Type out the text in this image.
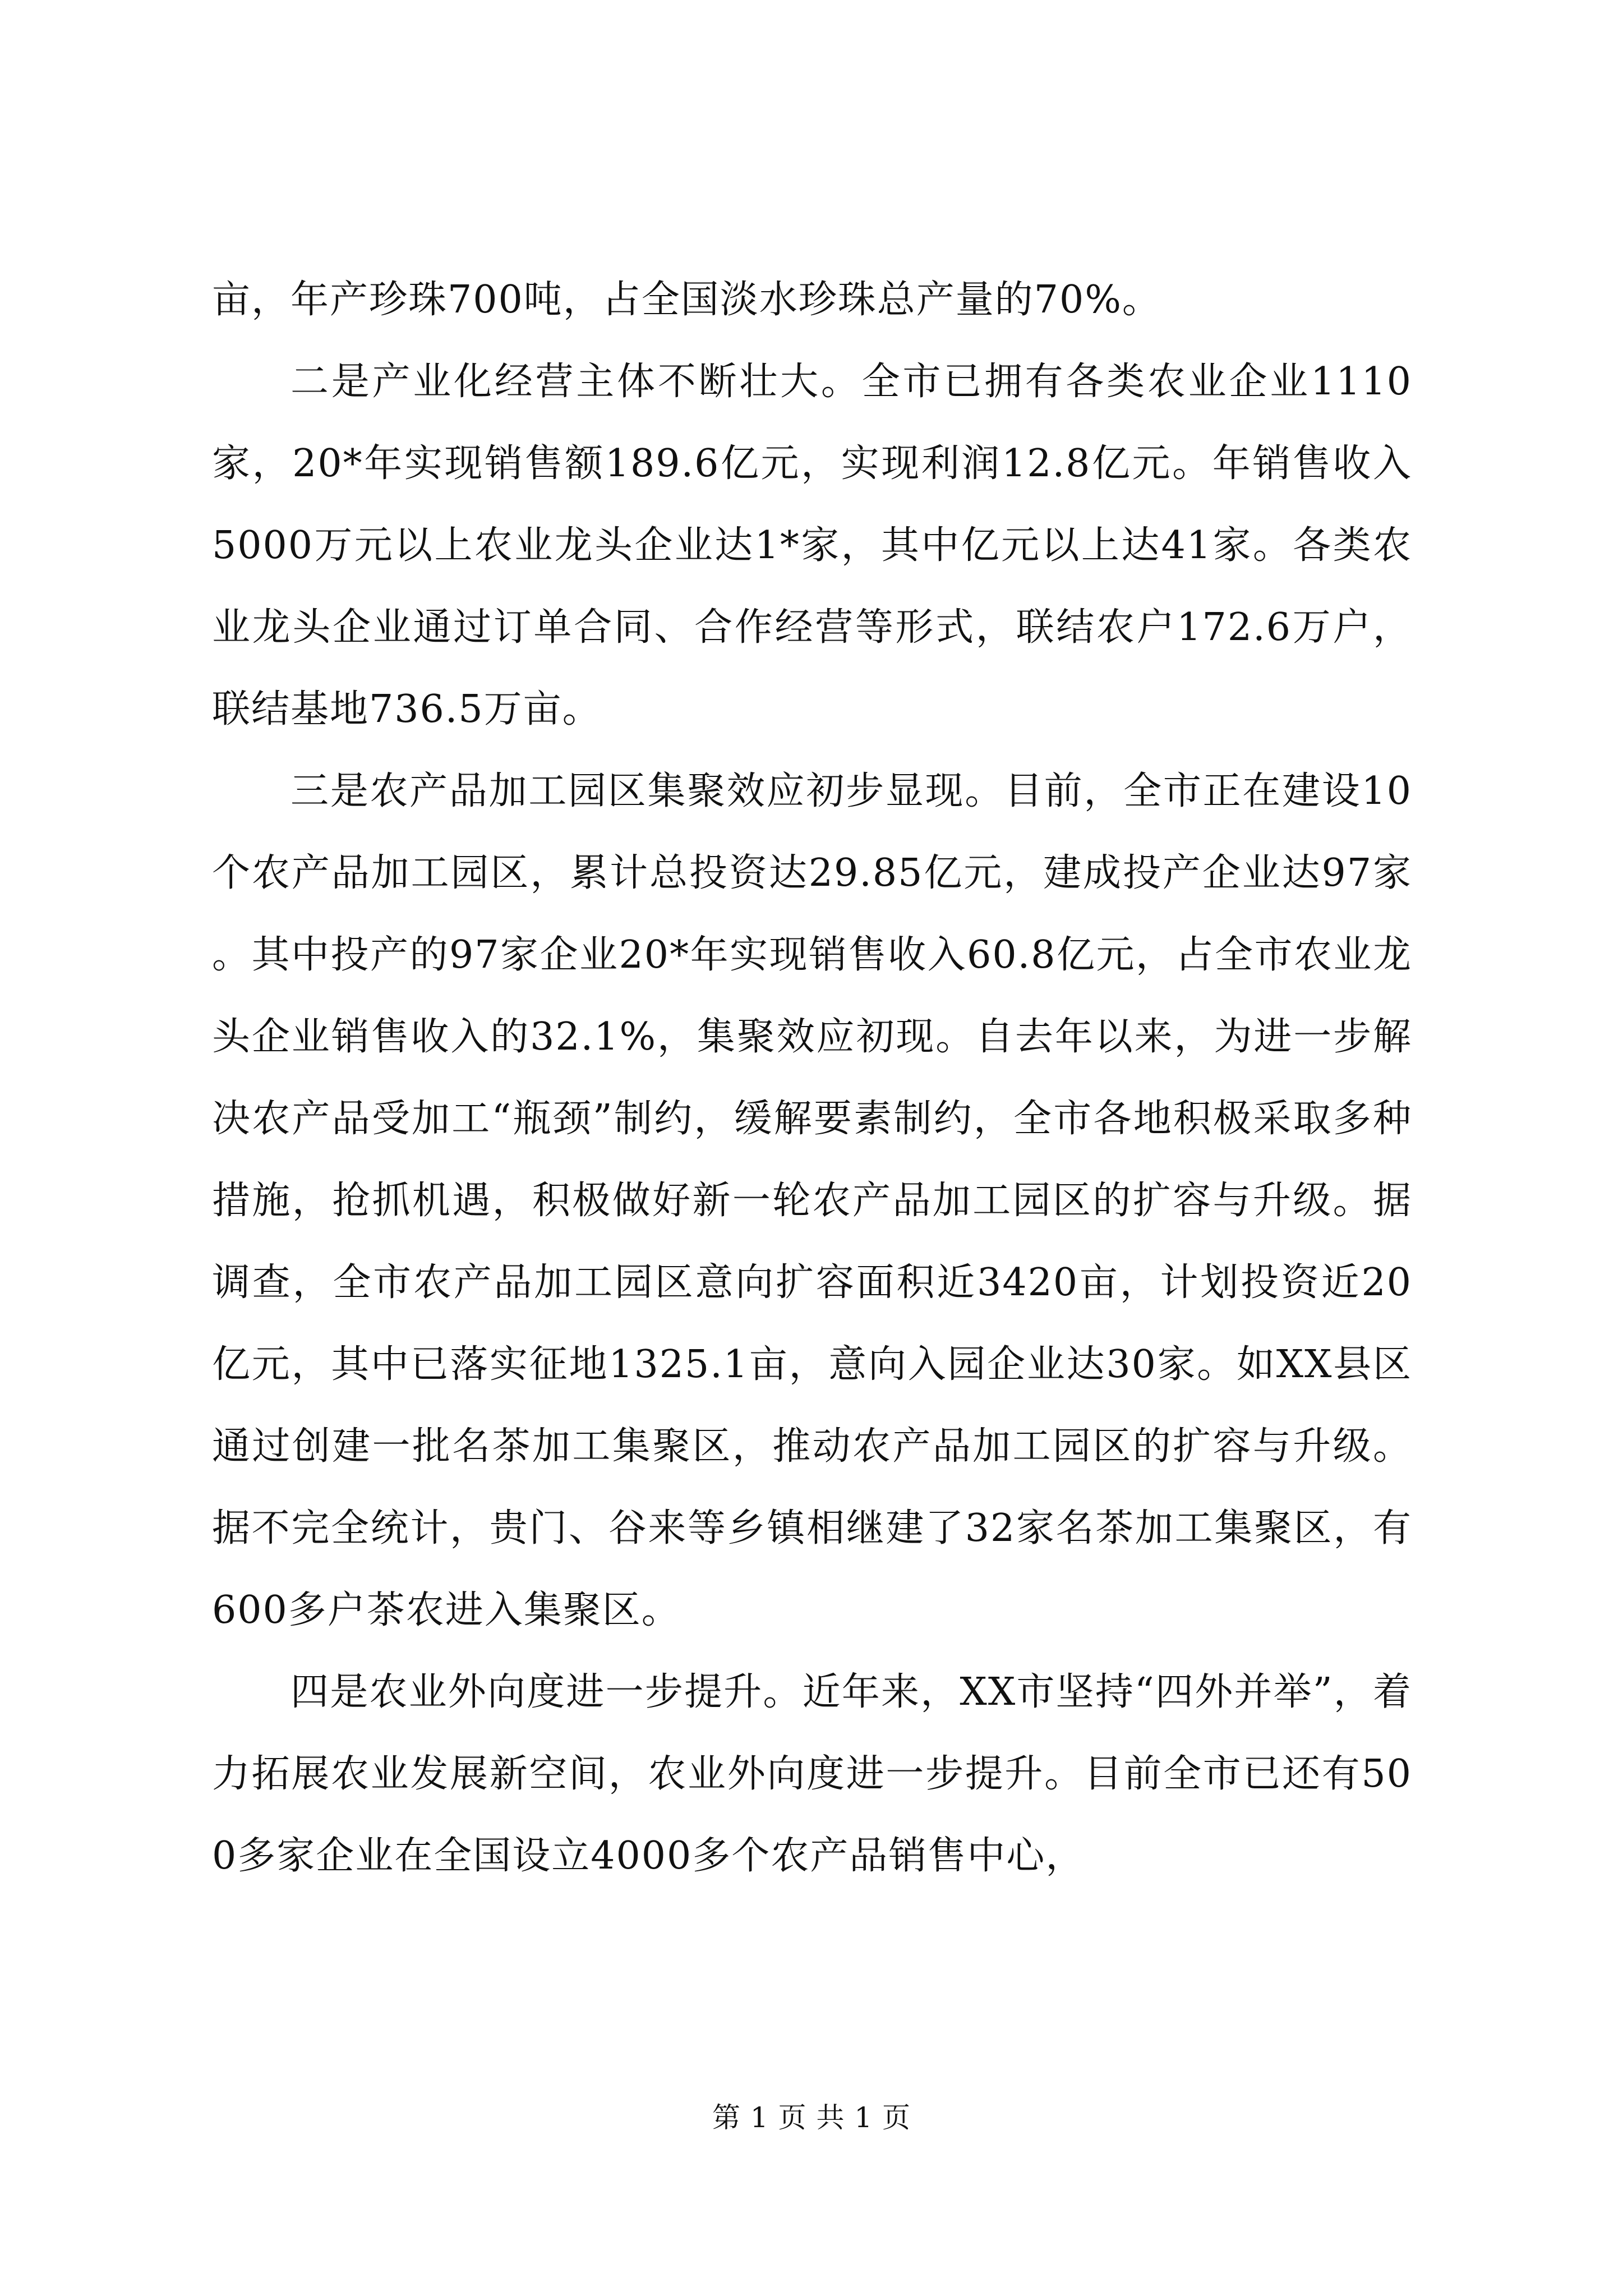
亩，年产珍珠700吨，占全国淡水珍珠总产量的70%。

二是产业化经营主体不断壮大。全市已拥有各类农业企业1110家，20*年实现销售额189.6亿元，实现利润12.8亿元。年销售收入5000万元以上农业龙头企业达1*家，其中亿元以上达41家。各类农业龙头企业通过订单合同、合作经营等形式，联结农户172.6万户，联结基地736.5万亩。

三是农产品加工园区集聚效应初步显现。目前，全市正在建设10个农产品加工园区，累计总投资达29.85亿元，建成投产企业达97家。其中投产的97家企业20*年实现销售收入60.8亿元，占全市农业龙头企业销售收入的32.1%，集聚效应初现。自去年以来，为进一步解决农产品受加工“瓶颈”制约，缓解要素制约，全市各地积极采取多种措施，抢抓机遇，积极做好新一轮农产品加工园区的扩容与升级。据调查，全市农产品加工园区意向扩容面积近3420亩，计划投资近20亿元，其中已落实征地1325.1亩，意向入园企业达30家。如XX县区通过创建一批名茶加工集聚区，推动农产品加工园区的扩容与升级。据不完全统计，贵门、谷来等乡镇相继建了32家名茶加工集聚区，有600多户茶农进入集聚区。

四是农业外向度进一步提升。近年来，XX市坚持“四外并举”，着力拓展农业发展新空间，农业外向度进一步提升。目前全市已还有500多家企业在全国设立4000多个农产品销售中心，

第 1 页 共 1 页
